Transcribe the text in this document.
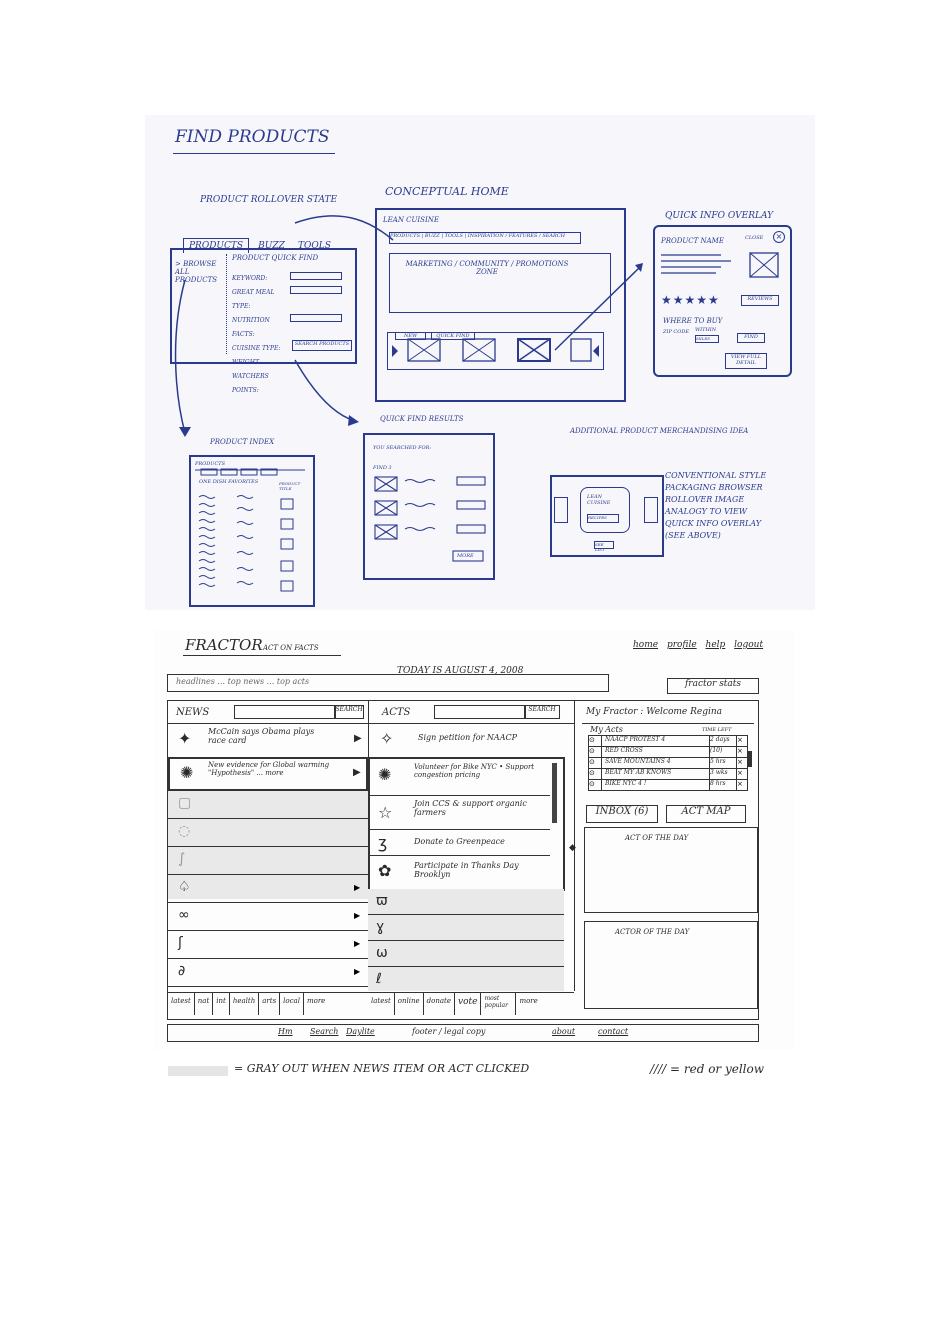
FIND PRODUCTS
PRODUCT ROLLOVER STATE
PRODUCTS BUZZ TOOLS
> BROWSE ALL PRODUCTS
PRODUCT QUICK FIND
KEYWORD:
GREAT MEAL TYPE:
NUTRITION FACTS:
CUISINE TYPE:
WEIGHT WATCHERS POINTS:
SEARCH PRODUCTS
CONCEPTUAL HOME
LEAN CUISINE
PRODUCTS | BUZZ | TOOLS | INSPIRATION / FEATURES / SEARCH
MARKETING / COMMUNITY / PROMOTIONS ZONE
NEW	QUICK FIND
QUICK INFO OVERLAY
PRODUCT NAME	CLOSE	×
★★★★★	REVIEWS
WHERE TO BUY
ZIP CODE WITHIN
MILES	FIND
VIEW FULL DETAIL
PRODUCT INDEX
PRODUCTS
ONE DISH FAVORITES	PRODUCT TITLE
QUICK FIND RESULTS
YOU SEARCHED FOR:
FIND 3
MORE
ADDITIONAL PRODUCT MERCHANDISING IDEA
LEAN CUISINE
RECIPES
SEE LIST
CONVENTIONAL STYLE PACKAGING BROWSER ROLLOVER IMAGE ANALOGY TO VIEW QUICK INFO OVERLAY (SEE ABOVE)
FRACTOR ACT ON FACTS	home profile help logout
TODAY IS AUGUST 4, 2008
headlines ... top news ... top acts	fractor stats
NEWS	SEARCH
✦ McCain says Obama plays race card	▶
✺ New evidence for Global warming "Hypothesis" ... more	▶
▢
◌
∫
♤	▶
∞	▶
ʃ	▶
∂	▶
latest	nat	int	health	arts	local	more
ACTS	SEARCH
✧	Sign petition for NAACP
✺	Volunteer for Bike NYC • Support congestion pricing
☆	Join CCS & support organic farmers
ʒ	Donate to Greenpeace
✿	Participate in Thanks Day Brooklyn
ϖ
ɣ
ω
ℓ
latest	online	donate vote	most popular
more
◆
My Fractor : Welcome Regina
My Acts	TIME LEFT
⊙	NAACP PROTEST 4	2 days	×
⊙	RED CROSS	(10)	×
⊙	SAVE MOUNTAINS 4	5 hrs	×
⊙	BEAT MY AB KNOWS	3 wks	×
⊙	BIKE NYC 4 !	8 hrs	×
INBOX (6)	ACT MAP
ACT OF THE DAY
ACTOR OF THE DAY
Hm Search Daylite	footer / legal copy	about	contact
= GRAY OUT WHEN NEWS ITEM OR ACT CLICKED	//// = red or yellow
